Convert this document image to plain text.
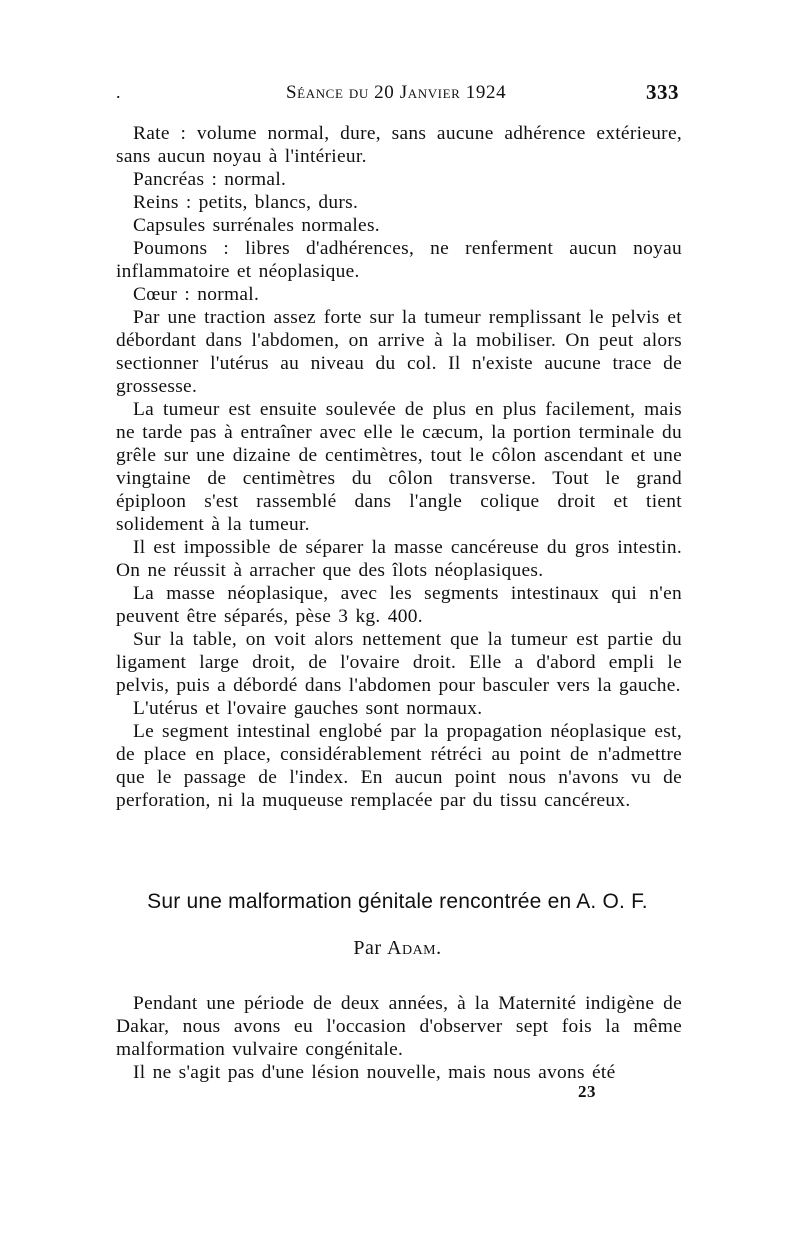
.	Séance du 20 Janvier 1924	333

Rate : volume normal, dure, sans aucune adhérence extérieure, sans aucun noyau à l'intérieur.

Pancréas : normal.

Reins : petits, blancs, durs.

Capsules surrénales normales.

Poumons : libres d'adhérences, ne renferment aucun noyau inflammatoire et néoplasique.

Cœur : normal.

Par une traction assez forte sur la tumeur remplissant le pelvis et débordant dans l'abdomen, on arrive à la mobiliser. On peut alors sectionner l'utérus au niveau du col. Il n'existe aucune trace de grossesse.

La tumeur est ensuite soulevée de plus en plus facilement, mais ne tarde pas à entraîner avec elle le cæcum, la portion terminale du grêle sur une dizaine de centimètres, tout le côlon ascendant et une vingtaine de centimètres du côlon transverse. Tout le grand épiploon s'est rassemblé dans l'angle colique droit et tient solidement à la tumeur.

Il est impossible de séparer la masse cancéreuse du gros intestin. On ne réussit à arracher que des îlots néoplasiques.

La masse néoplasique, avec les segments intestinaux qui n'en peuvent être séparés, pèse 3 kg. 400.

Sur la table, on voit alors nettement que la tumeur est partie du ligament large droit, de l'ovaire droit. Elle a d'abord empli le pelvis, puis a débordé dans l'abdomen pour basculer vers la gauche.

L'utérus et l'ovaire gauches sont normaux.

Le segment intestinal englobé par la propagation néoplasique est, de place en place, considérablement rétréci au point de n'admettre que le passage de l'index. En aucun point nous n'avons vu de perforation, ni la muqueuse remplacée par du tissu cancéreux.

Sur une malformation génitale rencontrée en A. O. F.
Par Adam.

Pendant une période de deux années, à la Maternité indigène de Dakar, nous avons eu l'occasion d'observer sept fois la même malformation vulvaire congénitale.

Il ne s'agit pas d'une lésion nouvelle, mais nous avons été

23
